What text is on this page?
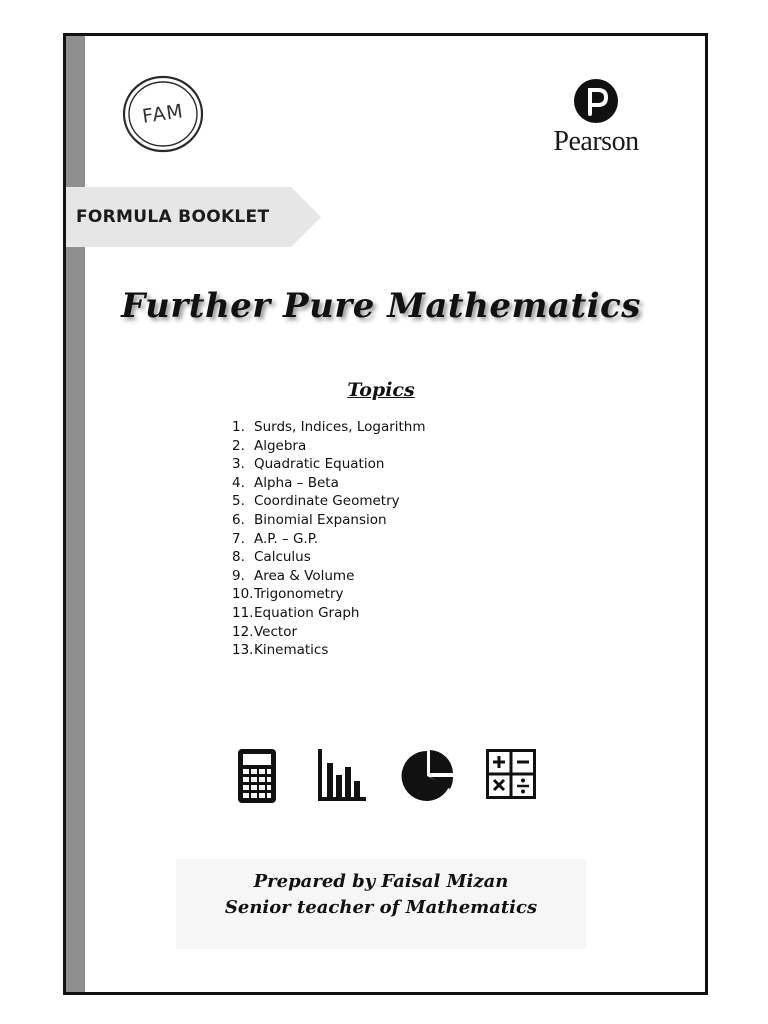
FAM
Pearson
FORMULA BOOKLET
Further Pure Mathematics
Topics
1. Surds, Indices, Logarithm
2. Algebra
3. Quadratic Equation
4. Alpha – Beta
5. Coordinate Geometry
6. Binomial Expansion
7. A.P. – G.P.
8. Calculus
9. Area & Volume
10.Trigonometry
11.Equation Graph
12.Vector
13.Kinematics
Prepared by Faisal Mizan
Senior teacher of Mathematics
